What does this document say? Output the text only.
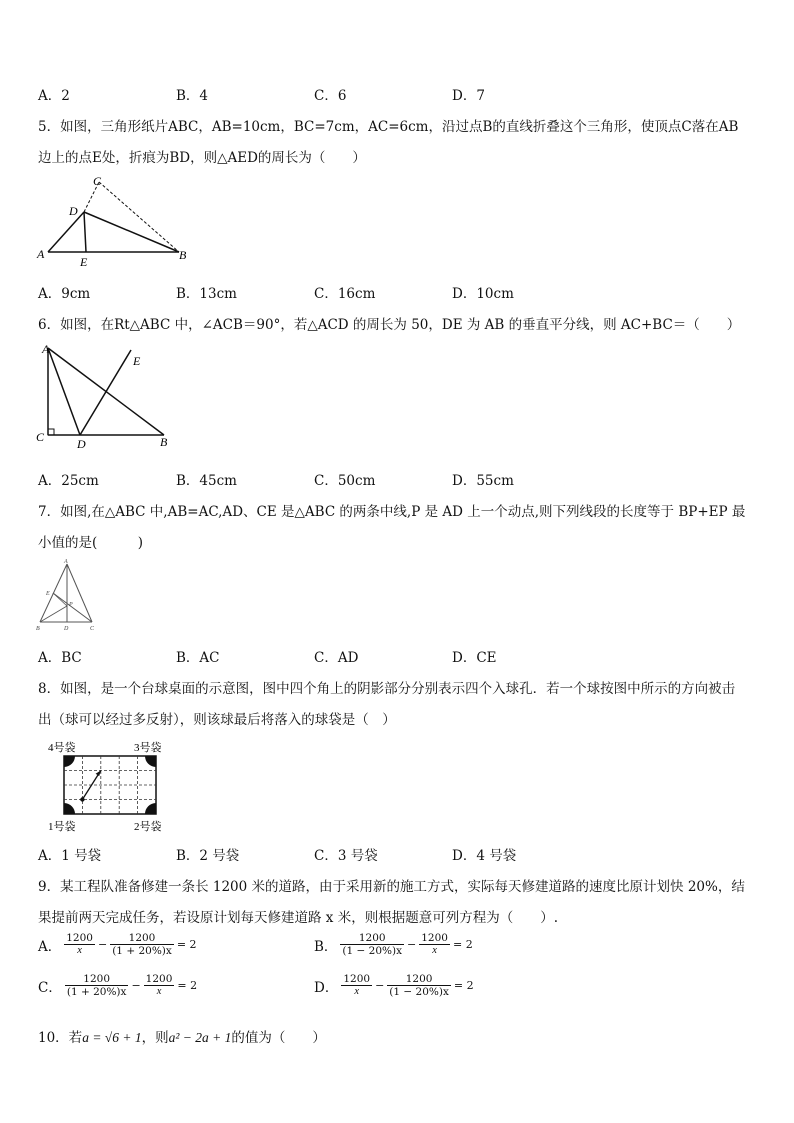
A．2	B．4	C．6	D．7
5．如图，三角形纸片ABC，AB=10cm，BC=7cm，AC=6cm，沿过点B的直线折叠这个三角形，使顶点C落在AB
边上的点E处，折痕为BD，则△AED的周长为（　　）
C
D
A
E	B
A．9cm	B．13cm	C．16cm	D．10cm
6．如图，在Rt△ABC 中，∠ACB＝90°，若△ACD 的周长为 50，DE 为 AB 的垂直平分线，则 AC+BC＝（　　）
A
E
C	D	B
A．25cm	B．45cm	C．50cm	D．55cm
7．如图,在△ABC 中,AB=AC,AD、CE 是△ABC 的两条中线,P 是 AD 上一个动点,则下列线段的长度等于 BP+EP 最
小值的是(　　　)
A
E
P
B	D	C
A．BC	B．AC	C．AD	D．CE
8．如图，是一个台球桌面的示意图，图中四个角上的阴影部分分别表示四个入球孔．若一个球按图中所示的方向被击
出（球可以经过多反射），则该球最后将落入的球袋是（　）
4号袋	3号袋
1号袋	2号袋
A．1 号袋	B．2 号袋	C．3 号袋	D．4 号袋
9．某工程队准备修建一条长 1200 米的道路，由于采用新的施工方式，实际每天修建道路的速度比原计划快 20%，结
果提前两天完成任务，若设原计划每天修建道路 x 米，则根据题意可列方程为（　　）.
A． $\frac{1200}{x} - \frac{1200}{(1 + 20\%)x} = 2$	B． $\frac{1200}{(1 - 20\%)x} - \frac{1200}{x} = 2$
C． $\frac{1200}{(1 + 20\%)x} - \frac{1200}{x} = 2$	D． $\frac{1200}{x} - \frac{1200}{(1 - 20\%)x} = 2$
10．若a = √6 + 1，则a² − 2a + 1的值为（　　）
